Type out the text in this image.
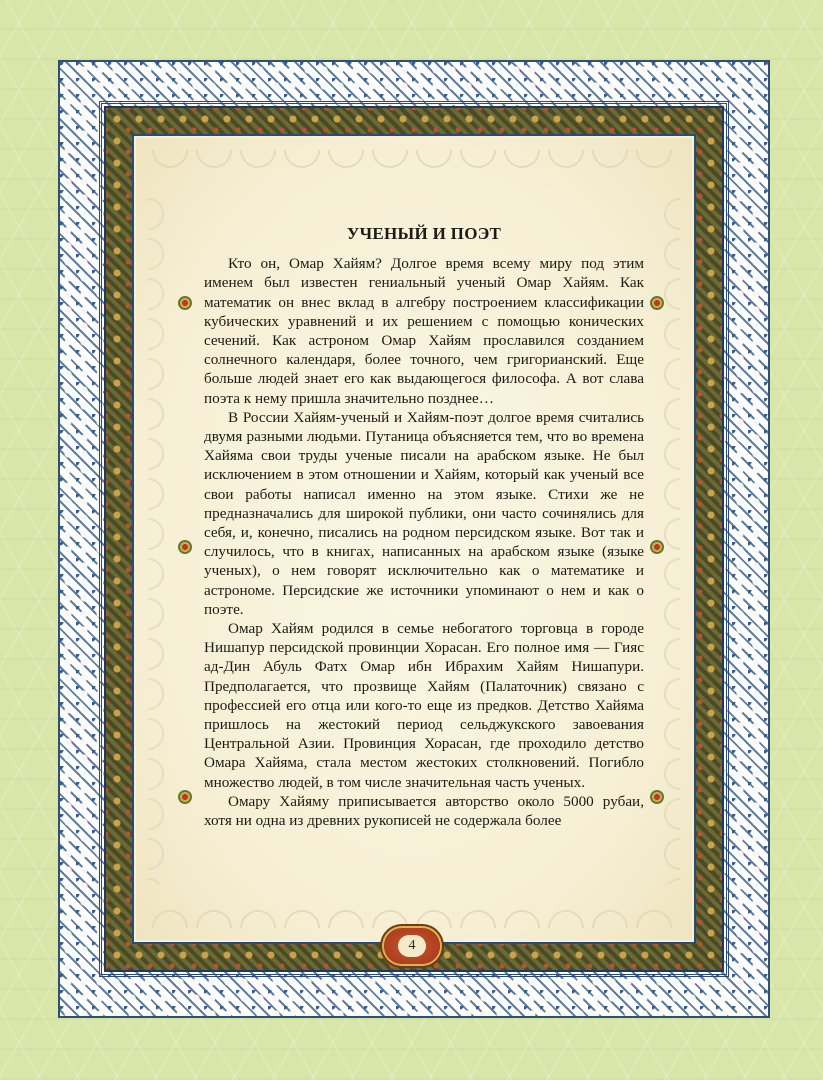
УЧЕНЫЙ И ПОЭТ

Кто он, Омар Хайям? Долгое время всему миру под этим именем был известен гениальный ученый Омар Хайям. Как математик он внес вклад в алгебру построением классификации кубических уравнений и их решением с помощью конических сечений. Как астроном Омар Хайям прославился созданием солнечного календаря, более точного, чем григорианский. Еще больше людей знает его как выдающегося философа. А вот слава поэта к нему пришла значительно позднее…

В России Хайям-ученый и Хайям-поэт долгое время считались двумя разными людьми. Путаница объясняется тем, что во времена Хайяма свои труды ученые писали на арабском языке. Не был исключением в этом отношении и Хайям, который как ученый все свои работы написал именно на этом языке. Стихи же не предназначались для широкой публики, они часто сочинялись для себя, и, конечно, писались на родном персидском языке. Вот так и случилось, что в книгах, написанных на арабском языке (языке ученых), о нем говорят исключительно как о математике и астрономе. Персидские же источники упоминают о нем и как о поэте.

Омар Хайям родился в семье небогатого торговца в городе Нишапур персидской провинции Хорасан. Его полное имя — Гияс ад-Дин Абуль Фатх Омар ибн Ибрахим Хайям Нишапури. Предполагается, что прозвище Хайям (Палаточник) связано с профессией его отца или кого-то еще из предков. Детство Хайяма пришлось на жестокий период сельджукского завоевания Центральной Азии. Провинция Хорасан, где проходило детство Омара Хайяма, стала местом жестоких столкновений. Погибло множество людей, в том числе значительная часть ученых.

Омару Хайяму приписывается авторство около 5000 рубаи, хотя ни одна из древних рукописей не содержала более

4
